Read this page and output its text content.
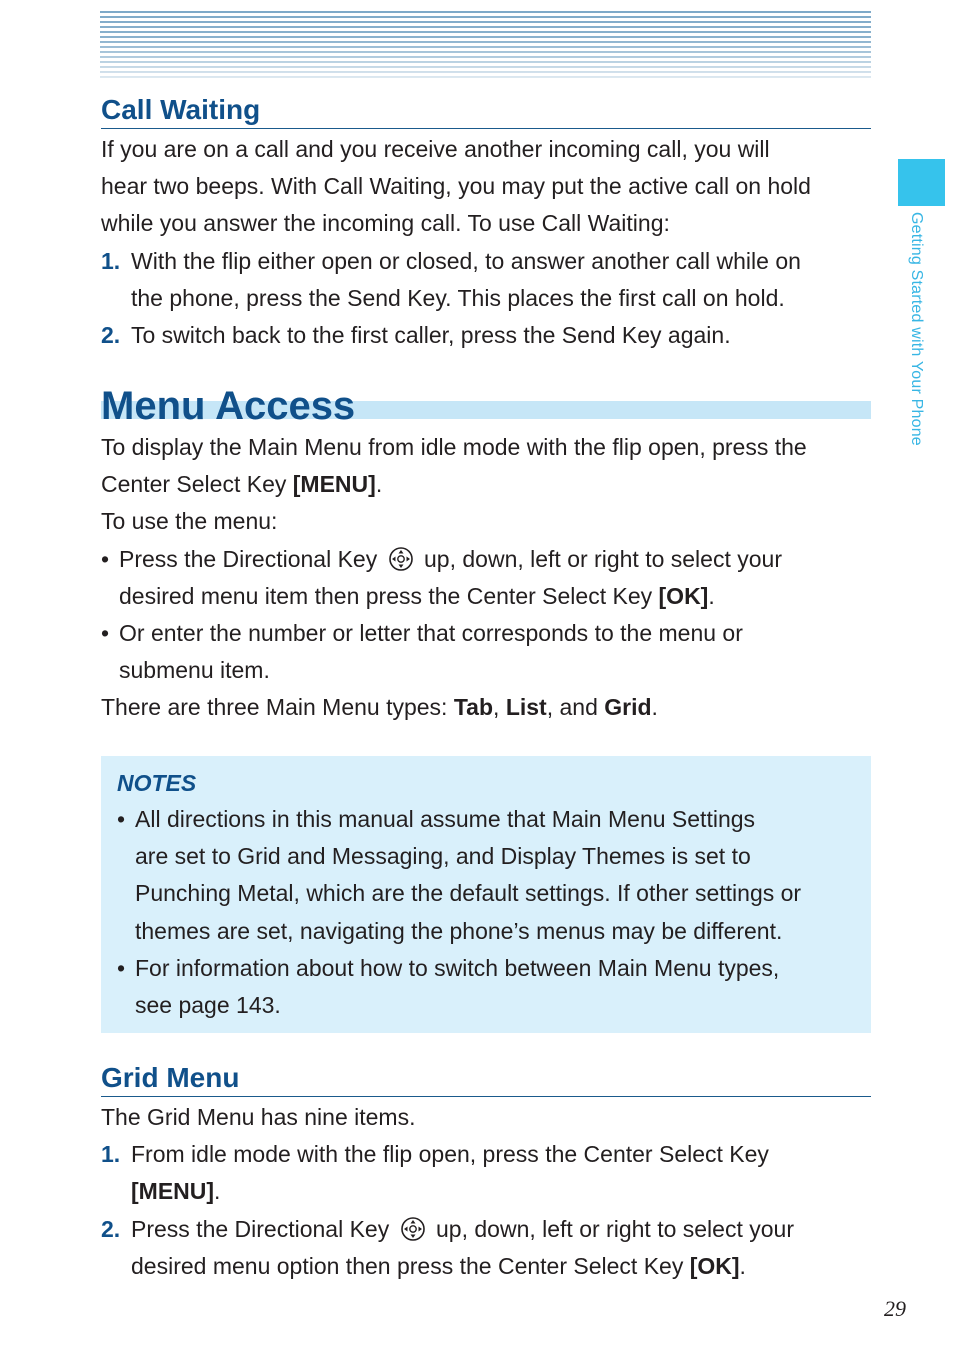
Getting Started with Your Phone
Call Waiting
If you are on a call and you receive another incoming call, you will
hear two beeps. With Call Waiting, you may put the active call on hold
while you answer the incoming call. To use Call Waiting:
1. With the flip either open or closed, to answer another call while on
the phone, press the Send Key. This places the first call on hold.
2. To switch back to the first caller, press the Send Key again.
Menu Access
To display the Main Menu from idle mode with the flip open, press the
Center Select Key [MENU].
To use the menu:
• Press the Directional Key up, down, left or right to select your
desired menu item then press the Center Select Key [OK].
• Or enter the number or letter that corresponds to the menu or
submenu item.
There are three Main Menu types: Tab, List, and Grid.
NOTES
• All directions in this manual assume that Main Menu Settings
are set to Grid and Messaging, and Display Themes is set to
Punching Metal, which are the default settings. If other settings or
themes are set, navigating the phone’s menus may be different.
• For information about how to switch between Main Menu types,
see page 143.
Grid Menu
The Grid Menu has nine items.
1. From idle mode with the flip open, press the Center Select Key
[MENU].
2. Press the Directional Key up, down, left or right to select your
desired menu option then press the Center Select Key [OK].
29
